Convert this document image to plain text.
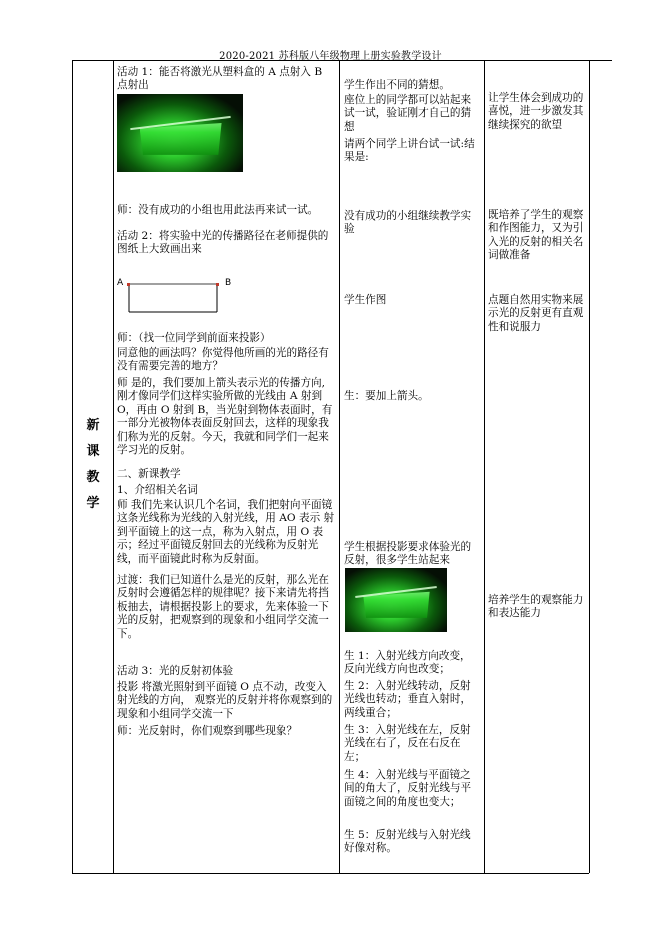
2020-2021 苏科版八年级物理上册实验教学设计
新
课
教
学
活动 1：能否将激光从塑料盒的 A 点射入 B 点射出
师：没有成功的小组也用此法再来试一试。
活动 2：将实验中光的传播路径在老师提供的图纸上大致画出来
A	B
师：（找一位同学到前面来投影）
同意他的画法吗？你觉得他所画的光的路径有没有需要完善的地方？
师 是的，我们要加上箭头表示光的传播方向,刚才像同学们这样实验所做的光线由 A 射到 O，再由 O 射到 B，当光射到物体表面时，有一部分光被物体表面反射回去，这样的现象我们称为光的反射。今天，我就和同学们一起来学习光的反射。
二、新课教学
1、介绍相关名词
师 我们先来认识几个名词，我们把射向平面镜这条光线称为光线的入射光线，用 AO 表示 射到平面镜上的这一点，称为入射点，用 O 表示；经过平面镜反射回去的光线称为反射光线，而平面镜此时称为反射面。
过渡：我们已知道什么是光的反射，那么光在反射时会遵循怎样的规律呢？接下来请先将挡板抽去，请根据投影上的要求，先来体验一下光的反射，把观察到的现象和小组同学交流一下。
活动 3：光的反射初体验
投影 将激光照射到平面镜 O 点不动，改变入射光线的方向， 观察光的反射并将你观察到的现象和小组同学交流一下
师：光反射时，你们观察到哪些现象？
学生作出不同的猜想。
座位上的同学都可以站起来试一试，验证刚才自己的猜想
请两个同学上讲台试一试:结果是:
没有成功的小组继续教学实验
学生作图
生：要加上箭头。
学生根据投影要求体验光的反射，很多学生站起来
生 1：入射光线方向改变，反向光线方向也改变；
生 2：入射光线转动，反射光线也转动；垂直入射时，两线重合；
生 3：入射光线在左，反射光线在右了，反在右反在左；
生 4：入射光线与平面镜之间的角大了，反射光线与平面镜之间的角度也变大；
生 5：反射光线与入射光线好像对称。
让学生体会到成功的喜悦，进一步激发其继续探究的欲望
既培养了学生的观察和作图能力，又为引入光的反射的相关名词做准备
点题自然用实物来展示光的反射更有直观性和说服力
培养学生的观察能力和表达能力
